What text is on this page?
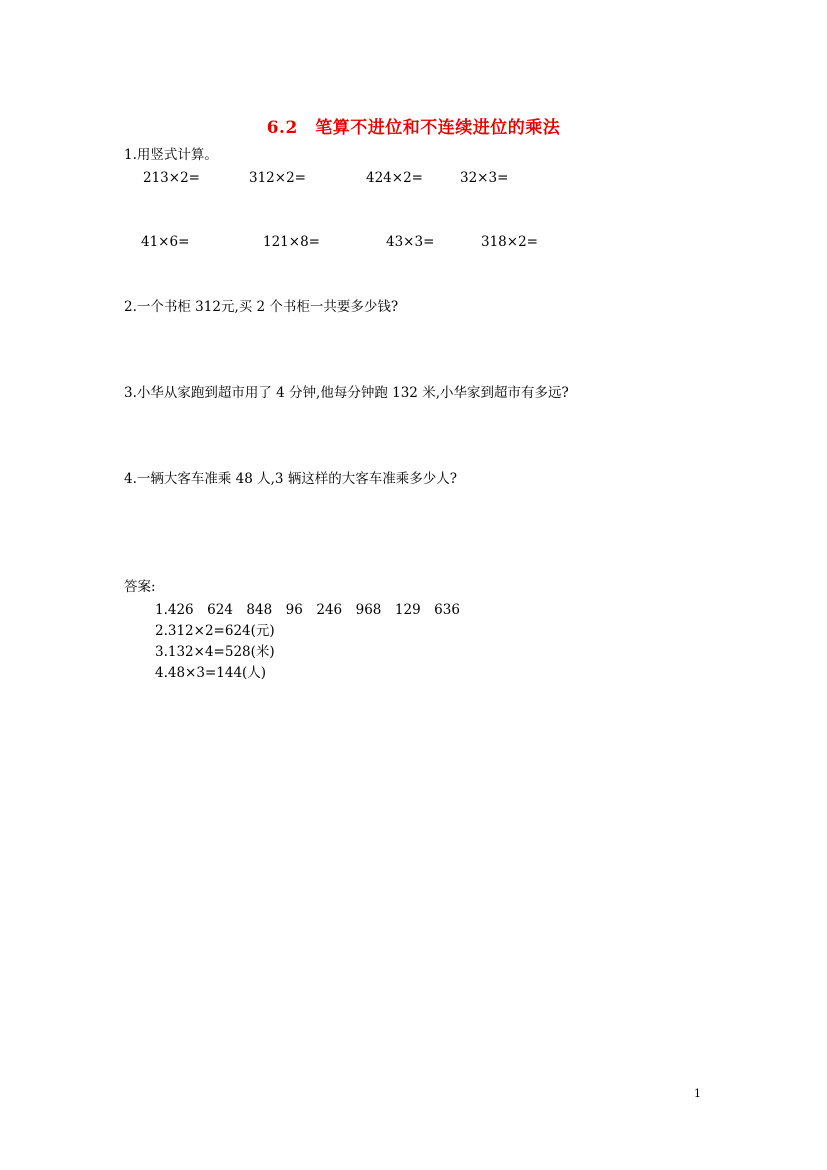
6.2　笔算不进位和不连续进位的乘法
1.用竖式计算。
213×2=	312×2=	424×2=	32×3=
41×6=	121×8=	43×3=	318×2=
2.一个书柜 312元,买 2 个书柜一共要多少钱?
3.小华从家跑到超市用了 4 分钟,他每分钟跑 132 米,小华家到超市有多远?
4.一辆大客车准乘 48 人,3 辆这样的大客车准乘多少人?
答案:
1.426　624　848　96　246　968　129　636
2.312×2=624(元)
3.132×4=528(米)
4.48×3=144(人)
1
